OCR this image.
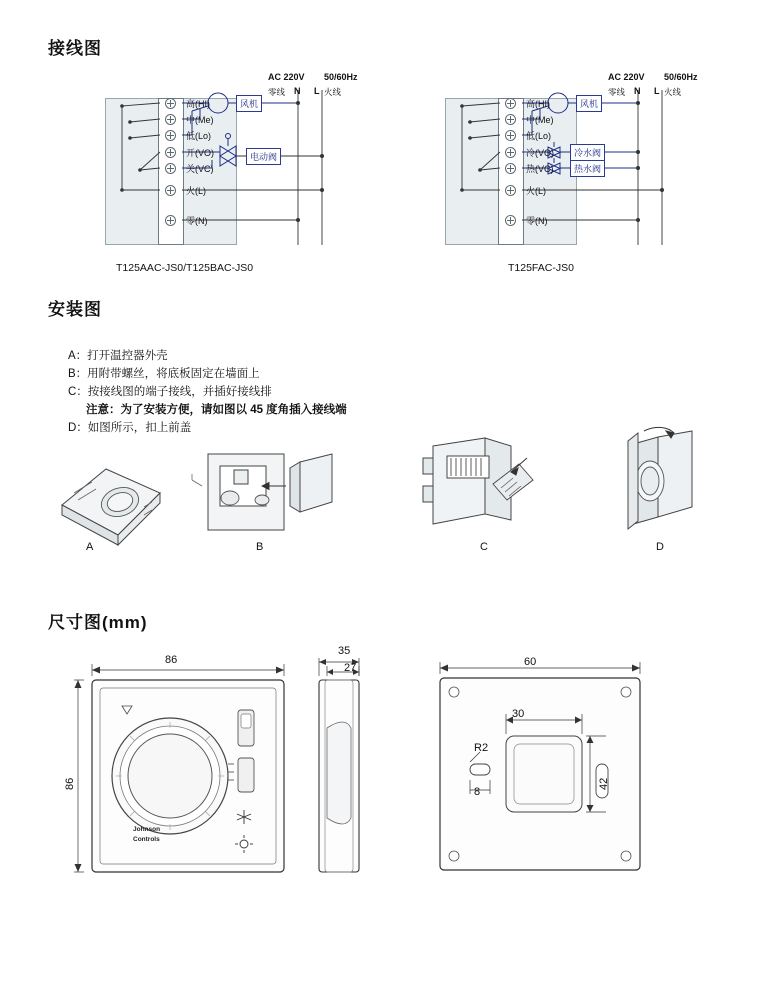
接线图
高(HI)
中(Me)
低(Lo)
开(VO)
关(VC)
火(L)
零(N)
风机
电动阀
AC 220V 50/60Hz
零线 N L 火线
T125AAC-JS0/T125BAC-JS0
高(HI)
中(Me)
低(Lo)
冷(VO)
热(VC)
火(L)
零(N)
风机
冷水阀
热水阀
AC 220V 50/60Hz
零线 N L 火线
T125FAC-JS0
安装图
A：打开温控器外壳
B：用附带螺丝，将底板固定在墙面上
C：按接线图的端子接线，并插好接线排
注意：为了安装方便，请如图以 45 度角插入接线端
D：如图所示，扣上前盖
A	B	C	D
尺寸图(mm)
86
86
Johnson
Controls
35
27	60
30
42
R2
8
